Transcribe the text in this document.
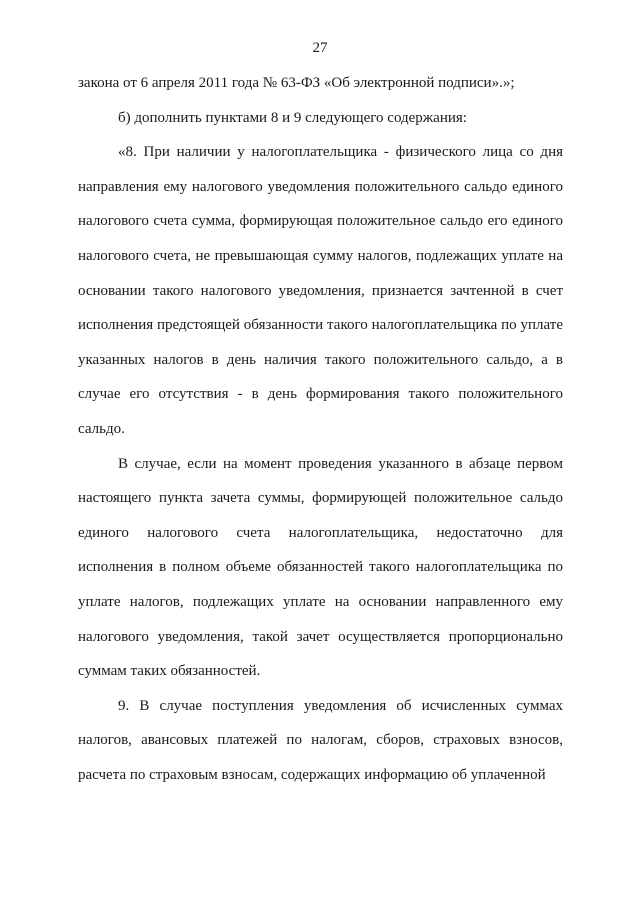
27

закона от 6 апреля 2011 года № 63-ФЗ «Об электронной подписи».»;

б) дополнить пунктами 8 и 9 следующего содержания:

«8. При наличии у налогоплательщика - физического лица со дня направления ему налогового уведомления положительного сальдо единого налогового счета сумма, формирующая положительное сальдо его единого налогового счета, не превышающая сумму налогов, подлежащих уплате на основании такого налогового уведомления, признается зачтенной в счет исполнения предстоящей обязанности такого налогоплательщика по уплате указанных налогов в день наличия такого положительного сальдо, а в случае его отсутствия - в день формирования такого положительного сальдо.

В случае, если на момент проведения указанного в абзаце первом настоящего пункта зачета суммы, формирующей положительное сальдо единого налогового счета налогоплательщика, недостаточно для исполнения в полном объеме обязанностей такого налогоплательщика по уплате налогов, подлежащих уплате на основании направленного ему налогового уведомления, такой зачет осуществляется пропорционально суммам таких обязанностей.

9. В случае поступления уведомления об исчисленных суммах налогов, авансовых платежей по налогам, сборов, страховых взносов, расчета по страховым взносам, содержащих информацию об уплаченной
